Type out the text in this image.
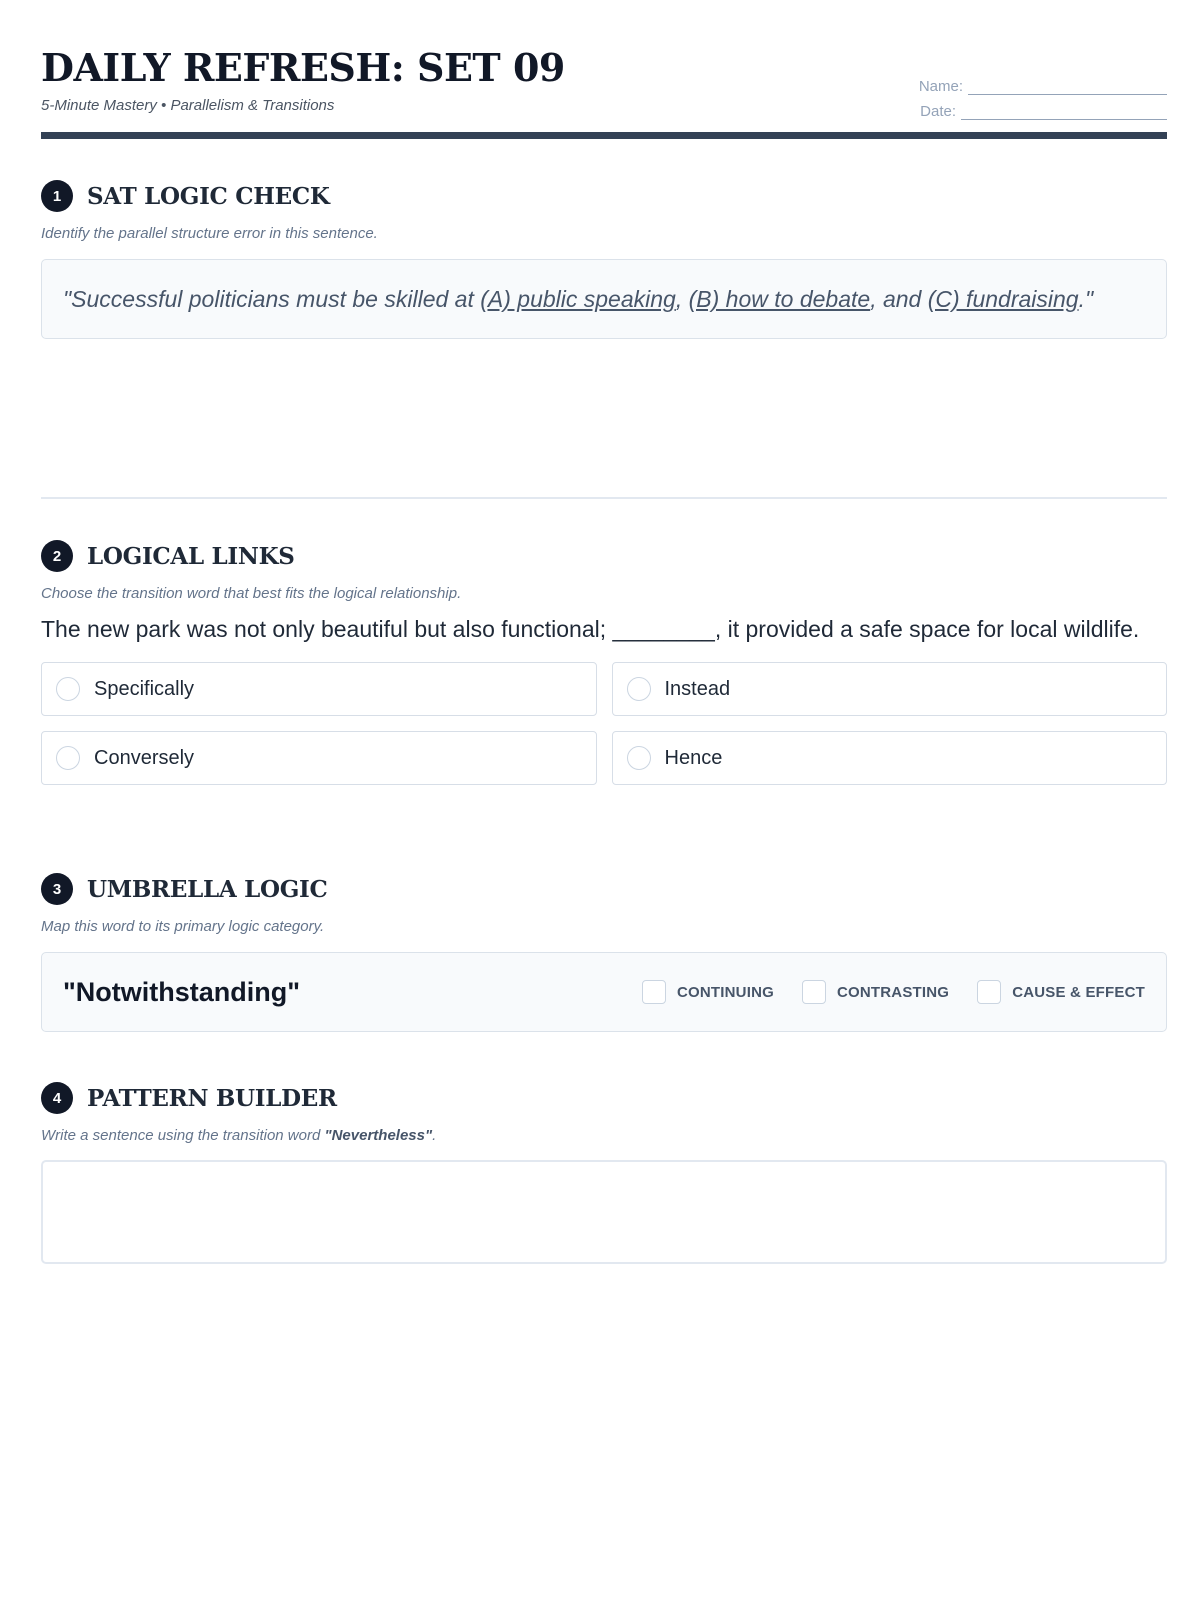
DAILY REFRESH: SET 09
5-Minute Mastery • Parallelism & Transitions
Name:
Date:
1	SAT LOGIC CHECK
Identify the parallel structure error in this sentence.
"Successful politicians must be skilled at (A) public speaking, (B) how to debate, and (C) fundraising."
2	LOGICAL LINKS
Choose the transition word that best fits the logical relationship.
The new park was not only beautiful but also functional; ________, it provided a safe space for local wildlife.
Specifically	Instead
Conversely	Hence
3	UMBRELLA LOGIC
Map this word to its primary logic category.
"Notwithstanding"	CONTINUING	CONTRASTING	CAUSE & EFFECT
4	PATTERN BUILDER
Write a sentence using the transition word "Nevertheless".
